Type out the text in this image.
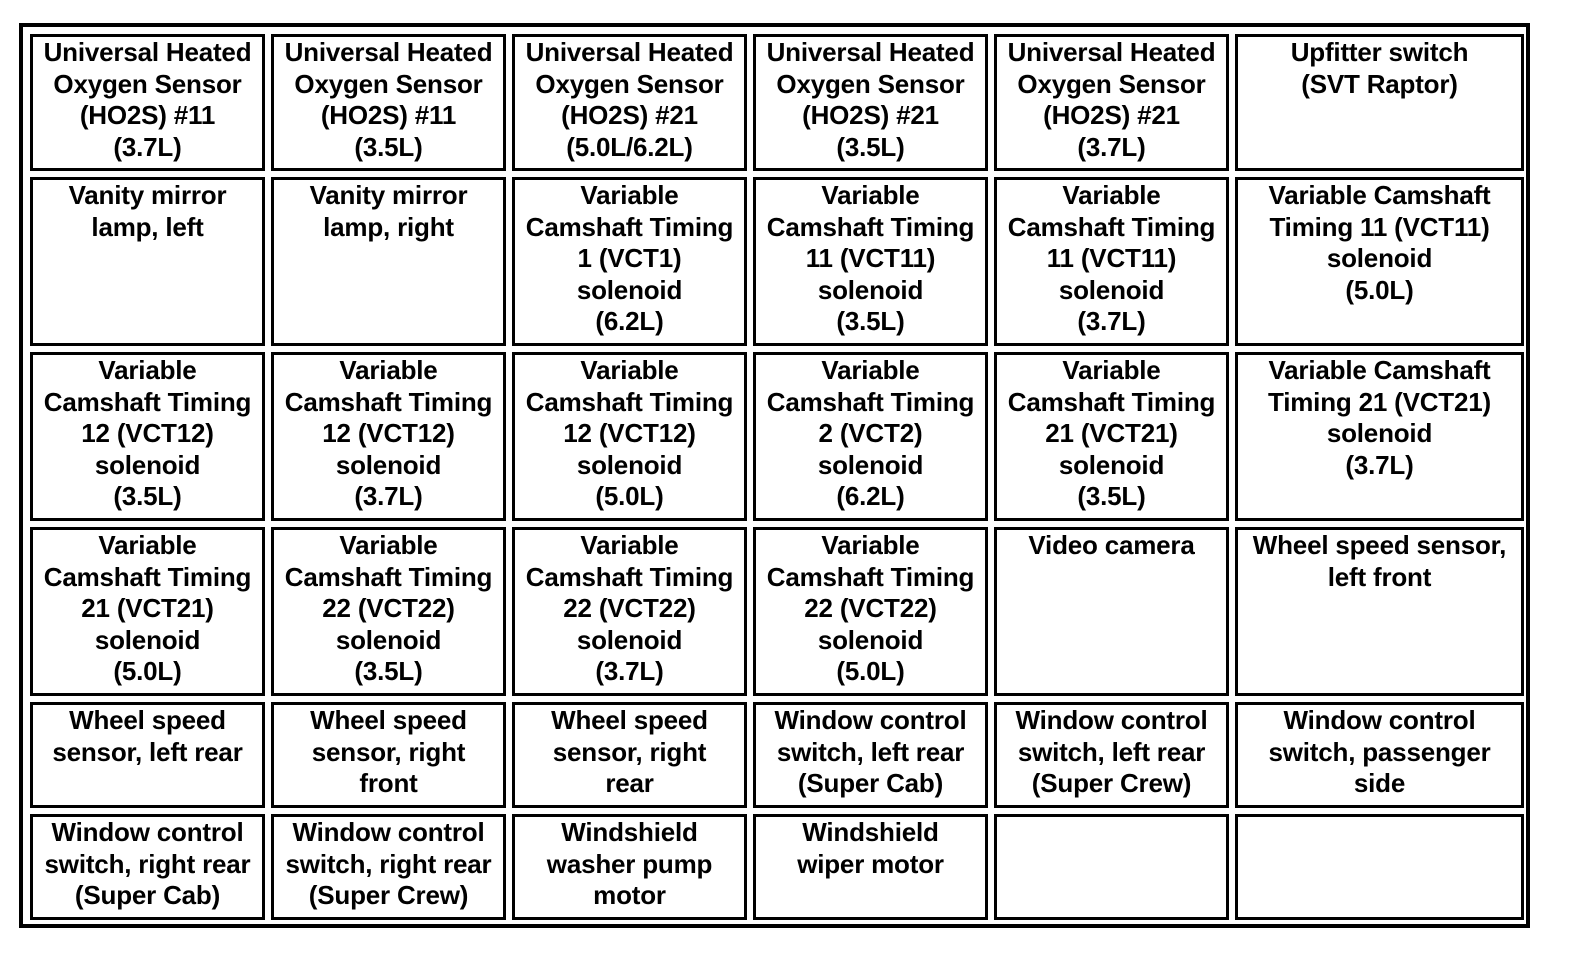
Universal Heated
Oxygen Sensor
(HO2S) #11
(3.7L)
Universal Heated
Oxygen Sensor
(HO2S) #11
(3.5L)
Universal Heated
Oxygen Sensor
(HO2S) #21
(5.0L/6.2L)
Universal Heated
Oxygen Sensor
(HO2S) #21
(3.5L)
Universal Heated
Oxygen Sensor
(HO2S) #21
(3.7L)
Upfitter switch
(SVT Raptor)
Vanity mirror
lamp, left
Vanity mirror
lamp, right
Variable
Camshaft Timing
1 (VCT1)
solenoid
(6.2L)
Variable
Camshaft Timing
11 (VCT11)
solenoid
(3.5L)
Variable
Camshaft Timing
11 (VCT11)
solenoid
(3.7L)
Variable Camshaft
Timing 11 (VCT11)
solenoid
(5.0L)
Variable
Camshaft Timing
12 (VCT12)
solenoid
(3.5L)
Variable
Camshaft Timing
12 (VCT12)
solenoid
(3.7L)
Variable
Camshaft Timing
12 (VCT12)
solenoid
(5.0L)
Variable
Camshaft Timing
2 (VCT2)
solenoid
(6.2L)
Variable
Camshaft Timing
21 (VCT21)
solenoid
(3.5L)
Variable Camshaft
Timing 21 (VCT21)
solenoid
(3.7L)
Variable
Camshaft Timing
21 (VCT21)
solenoid
(5.0L)
Variable
Camshaft Timing
22 (VCT22)
solenoid
(3.5L)
Variable
Camshaft Timing
22 (VCT22)
solenoid
(3.7L)
Variable
Camshaft Timing
22 (VCT22)
solenoid
(5.0L)
Video camera Wheel speed sensor,
left front
Wheel speed
sensor, left rear
Wheel speed
sensor, right
front
Wheel speed
sensor, right
rear
Window control
switch, left rear
(Super Cab)
Window control
switch, left rear
(Super Crew)
Window control
switch, passenger
side
Window control
switch, right rear
(Super Cab)
Window control
switch, right rear
(Super Crew)
Windshield
washer pump
motor
Windshield
wiper motor
